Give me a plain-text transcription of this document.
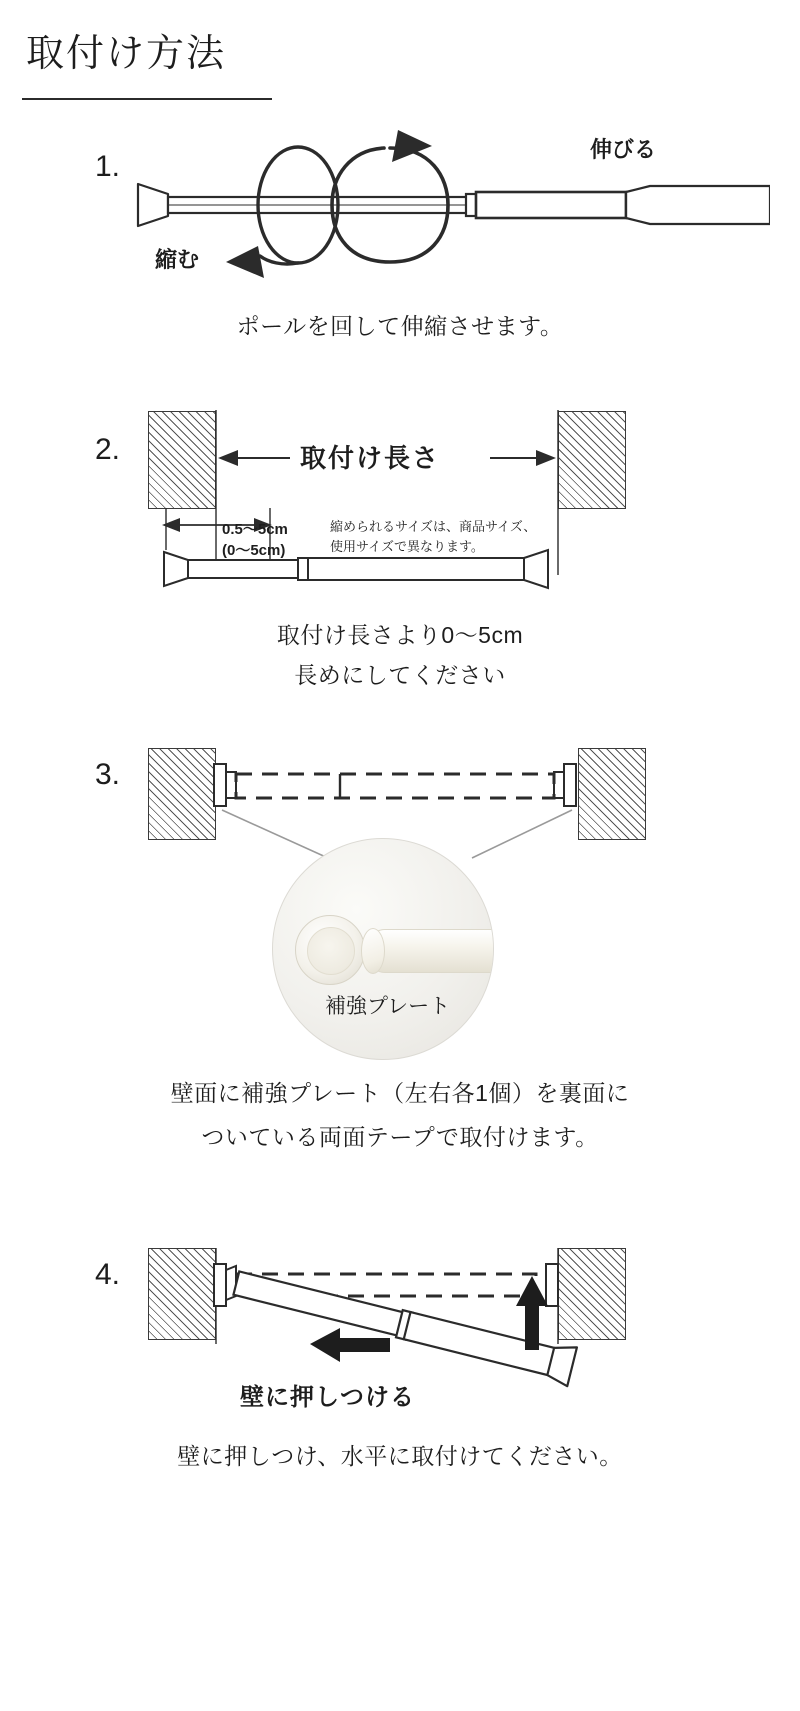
取付け方法
1.
伸びる
縮む
ポールを回して伸縮させます。
2.	取付け長さ
0.5〜5cm
(0〜5cm)
縮められるサイズは、商品サイズ、
使用サイズで異なります。
取付け長さより0〜5cm
長めにしてください
3.
補強プレート
壁面に補強プレート（左右各1個）を裏面に
ついている両面テープで取付けます。
4.
壁に押しつける
壁に押しつけ、水平に取付けてください。
